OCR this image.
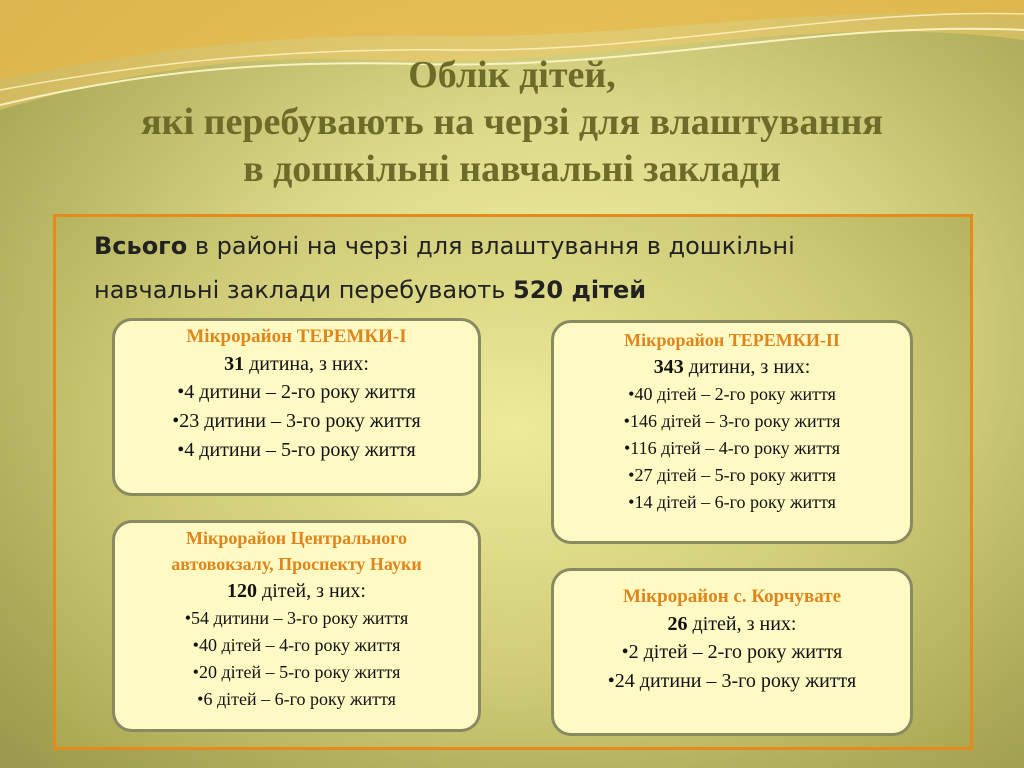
Облік дітей,
які перебувають на черзі для влаштування
в дошкільні навчальні заклади
Всього в районі на черзі для влаштування в дошкільні
навчальні заклади перебувають 520 дітей
Мікрорайон ТЕРЕМКИ-І
31 дитина, з них:
•4 дитини – 2-го року життя
•23 дитини – 3-го року життя
•4 дитини – 5-го року життя
Мікрорайон ТЕРЕМКИ-ІІ
343 дитини, з них:
•40 дітей – 2-го року життя
•146 дітей – 3-го року життя
•116 дітей – 4-го року життя
•27 дітей – 5-го року життя
•14 дітей – 6-го року життя
Мікрорайон Центрального
автовокзалу, Проспекту Науки
120 дітей, з них:
•54 дитини – 3-го року життя
•40 дітей – 4-го року життя
•20 дітей – 5-го року життя
•6 дітей – 6-го року життя
Мікрорайон с. Корчувате
26 дітей, з них:
•2 дітей – 2-го року життя
•24 дитини – 3-го року життя
